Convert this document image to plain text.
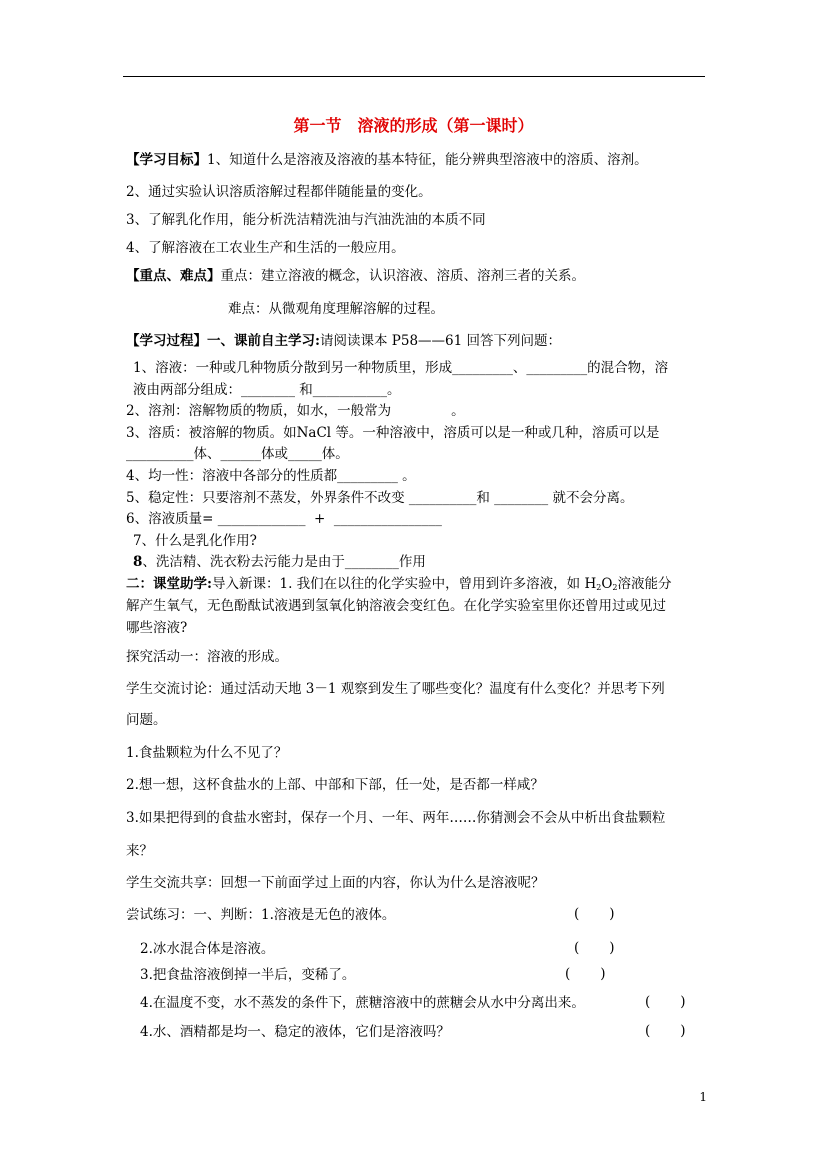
第一节　溶液的形成（第一课时）
【学习目标】1、知道什么是溶液及溶液的基本特征，能分辨典型溶液中的溶质、溶剂。
2、通过实验认识溶质溶解过程都伴随能量的变化。
3、了解乳化作用，能分析洗洁精洗油与汽油洗油的本质不同
4、了解溶液在工农业生产和生活的一般应用。
【重点、难点】重点：建立溶液的概念，认识溶液、溶质、溶剂三者的关系。
难点：从微观角度理解溶解的过程。
【学习过程】一、课前自主学习:请阅读课本 P58——61 回答下列问题：
1、溶液：一种或几种物质分散到另一种物质里，形成_________、_________的混合物，溶
液由两部分组成：________ 和___________。
2、溶剂：溶解物质的物质，如水，一般常为              。
3、溶质：被溶解的物质。如NaCl 等。一种溶液中，溶质可以是一种或几种，溶质可以是
__________体、______体或_____体。
4、均一性：溶液中各部分的性质都_________ 。
5、稳定性：只要溶剂不蒸发，外界条件不改变 __________和 ________ 就不会分离。
6、溶液质量= _____________  +  ________________
7、什么是乳化作用?
8、洗洁精、洗衣粉去污能力是由于________作用
二：课堂助学:导入新课：1. 我们在以往的化学实验中，曾用到许多溶液，如 $H_2O_2$溶液能分
解产生氧气，无色酚酞试液遇到氢氧化钠溶液会变红色。在化学实验室里你还曾用过或见过
哪些溶液?
探究活动一：溶液的形成。
学生交流讨论：通过活动天地 3－1 观察到发生了哪些变化？温度有什么变化？并思考下列
问题。
1.食盐颗粒为什么不见了？
2.想一想，这杯食盐水的上部、中部和下部，任一处，是否都一样咸？
3.如果把得到的食盐水密封，保存一个月、一年、两年……你猜测会不会从中析出食盐颗粒
来？
学生交流共享：回想一下前面学过上面的内容，你认为什么是溶液呢？
尝试练习：一、判断：1.溶液是无色的液体。	(       )
2.冰水混合体是溶液。	(       )
3.把食盐溶液倒掉一半后，变稀了。	(       )
4.在温度不变，水不蒸发的条件下，蔗糖溶液中的蔗糖会从水中分离出来。	(       )
4.水、酒精都是均一、稳定的液体，它们是溶液吗？	(       )
1
